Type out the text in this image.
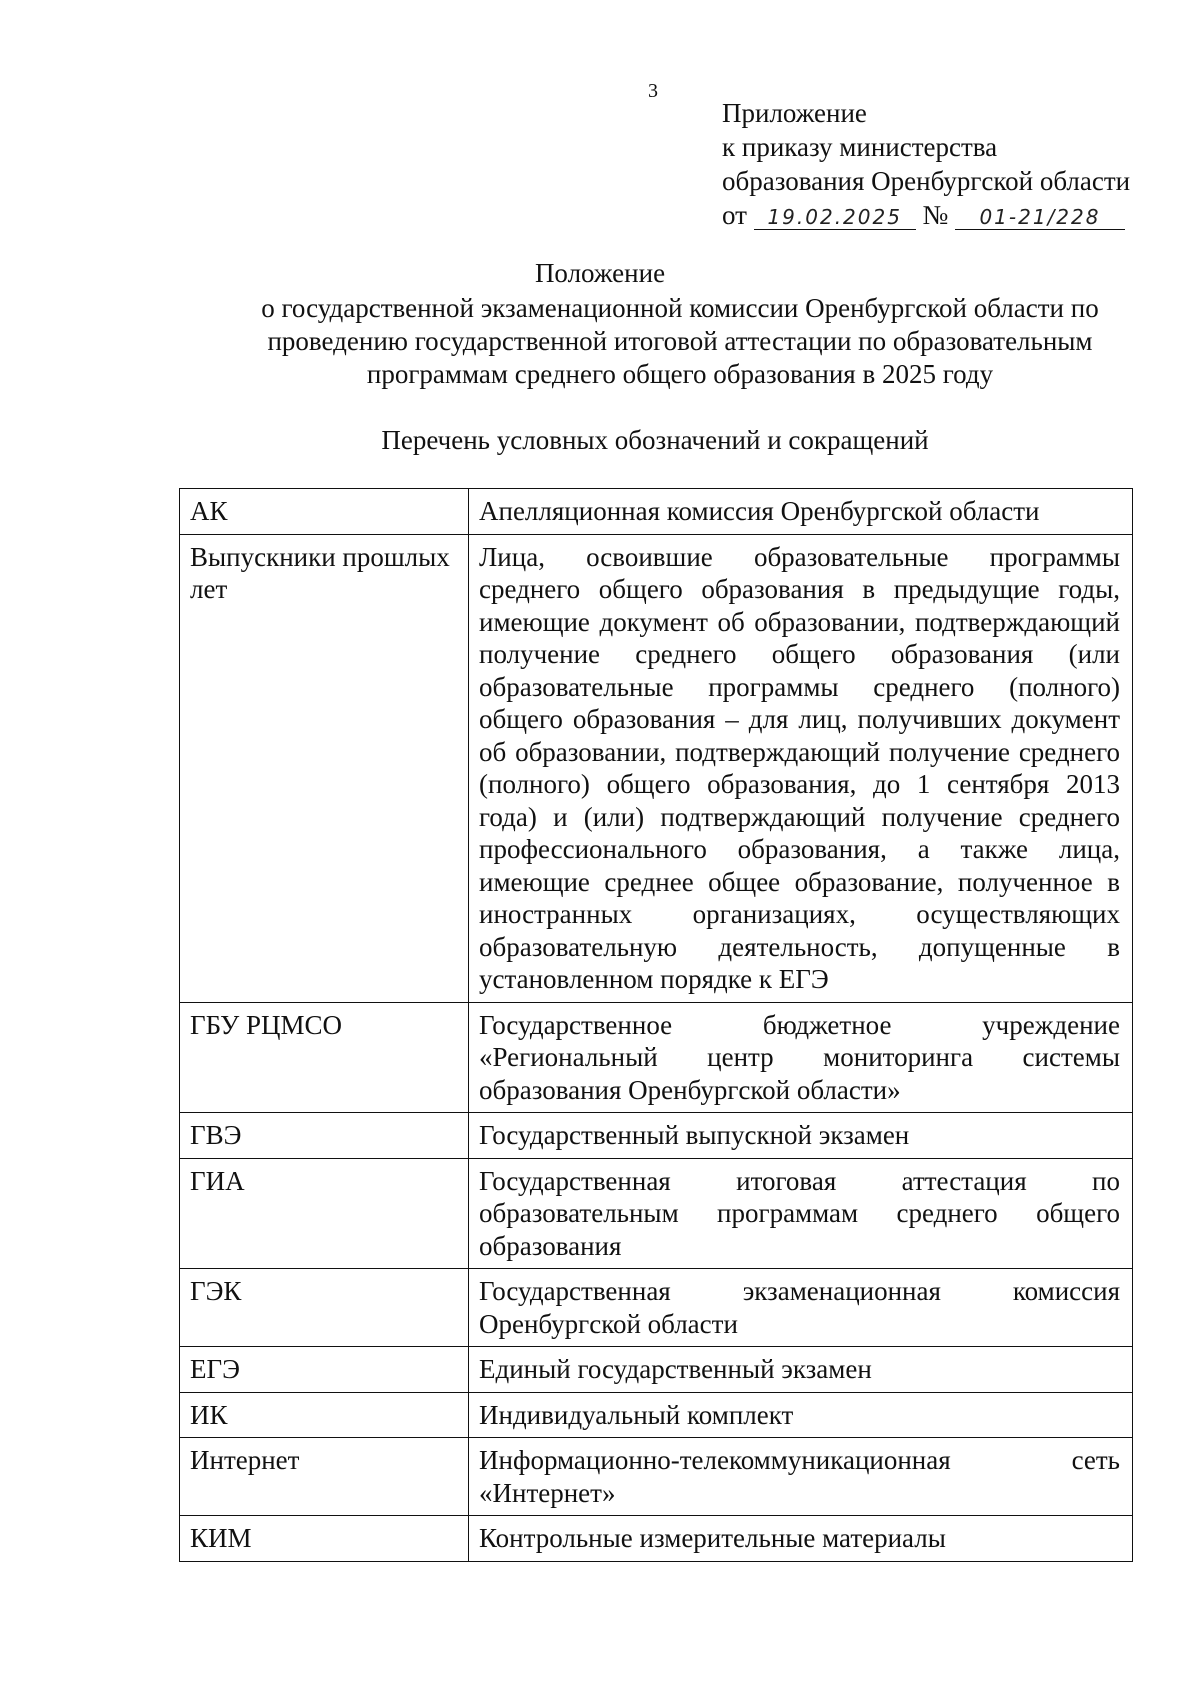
3
Приложение
к приказу министерства
образования Оренбургской области
от 19.02.2025 № 01-21/228
Положение
о государственной экзаменационной комиссии Оренбургской области по проведению государственной итоговой аттестации по образовательным программам среднего общего образования в 2025 году
Перечень условных обозначений и сокращений
АК	Апелляционная комиссия Оренбургской области
Выпускники прошлых лет	Лица, освоившие образовательные программы среднего общего образования в предыдущие годы, имеющие документ об образовании, подтверждающий получение среднего общего образования (или образовательные программы среднего (полного) общего образования – для лиц, получивших документ об образовании, подтверждающий получение среднего (полного) общего образования, до 1 сентября 2013 года) и (или) подтверждающий получение среднего профессионального образования, а также лица, имеющие среднее общее образование, полученное в иностранных организациях, осуществляющих образовательную деятельность, допущенные в установленном порядке к ЕГЭ
ГБУ РЦМСО	Государственное бюджетное учреждение «Региональный центр мониторинга системы образования Оренбургской области»
ГВЭ	Государственный выпускной экзамен
ГИА	Государственная итоговая аттестация по образовательным программам среднего общего образования
ГЭК	Государственная экзаменационная комиссия Оренбургской области
ЕГЭ	Единый государственный экзамен
ИК	Индивидуальный комплект
Интернет	Информационно-телекоммуникационная сеть «Интернет»
КИМ	Контрольные измерительные материалы
